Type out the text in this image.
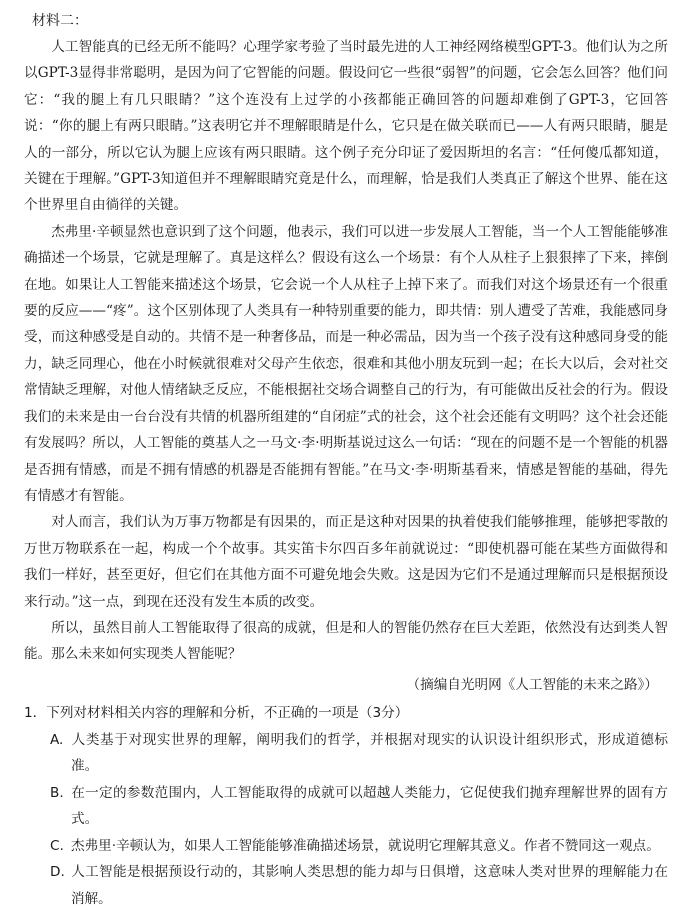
材料二：

人工智能真的已经无所不能吗？心理学家考验了当时最先进的人工神经网络模型GPT-3。他们认为之所以GPT-3显得非常聪明，是因为问了它智能的问题。假设问它一些很“弱智”的问题，它会怎么回答？他们问它：“我的腿上有几只眼睛？”这个连没有上过学的小孩都能正确回答的问题却难倒了GPT-3，它回答说：“你的腿上有两只眼睛。”这表明它并不理解眼睛是什么，它只是在做关联而已——人有两只眼睛，腿是人的一部分，所以它认为腿上应该有两只眼睛。这个例子充分印证了爱因斯坦的名言：“任何傻瓜都知道，关键在于理解。”GPT-3知道但并不理解眼睛究竟是什么，而理解，恰是我们人类真正了解这个世界、能在这个世界里自由徜徉的关键。

杰弗里·辛顿显然也意识到了这个问题，他表示，我们可以进一步发展人工智能，当一个人工智能能够准确描述一个场景，它就是理解了。真是这样么？假设有这么一个场景：有个人从柱子上狠狠摔了下来，摔倒在地。如果让人工智能来描述这个场景，它会说一个人从柱子上掉下来了。而我们对这个场景还有一个很重要的反应——“疼”。这个区别体现了人类具有一种特别重要的能力，即共情：别人遭受了苦难，我能感同身受，而这种感受是自动的。共情不是一种奢侈品，而是一种必需品，因为当一个孩子没有这种感同身受的能力，缺乏同理心，他在小时候就很难对父母产生依恋，很难和其他小朋友玩到一起；在长大以后，会对社交常情缺乏理解，对他人情绪缺乏反应，不能根据社交场合调整自己的行为，有可能做出反社会的行为。假设我们的未来是由一台台没有共情的机器所组建的“自闭症”式的社会，这个社会还能有文明吗？这个社会还能有发展吗？所以，人工智能的奠基人之一马文·李·明斯基说过这么一句话：“现在的问题不是一个智能的机器是否拥有情感，而是不拥有情感的机器是否能拥有智能。”在马文·李·明斯基看来，情感是智能的基础，得先有情感才有智能。

对人而言，我们认为万事万物都是有因果的，而正是这种对因果的执着使我们能够推理，能够把零散的万世万物联系在一起，构成一个个故事。其实笛卡尔四百多年前就说过：“即使机器可能在某些方面做得和我们一样好，甚至更好，但它们在其他方面不可避免地会失败。这是因为它们不是通过理解而只是根据预设来行动。”这一点，到现在还没有发生本质的改变。

所以，虽然目前人工智能取得了很高的成就，但是和人的智能仍然存在巨大差距，依然没有达到类人智能。那么未来如何实现类人智能呢？

（摘编自光明网《人工智能的未来之路》）

1．下列对材料相关内容的理解和分析，不正确的一项是（3分）

A. 人类基于对现实世界的理解，阐明我们的哲学，并根据对现实的认识设计组织形式，形成道德标准。

B. 在一定的参数范围内，人工智能取得的成就可以超越人类能力，它促使我们抛弃理解世界的固有方式。

C. 杰弗里·辛顿认为，如果人工智能能够准确描述场景，就说明它理解其意义。作者不赞同这一观点。

D. 人工智能是根据预设行动的，其影响人类思想的能力却与日俱增，这意味人类对世界的理解能力在消解。
